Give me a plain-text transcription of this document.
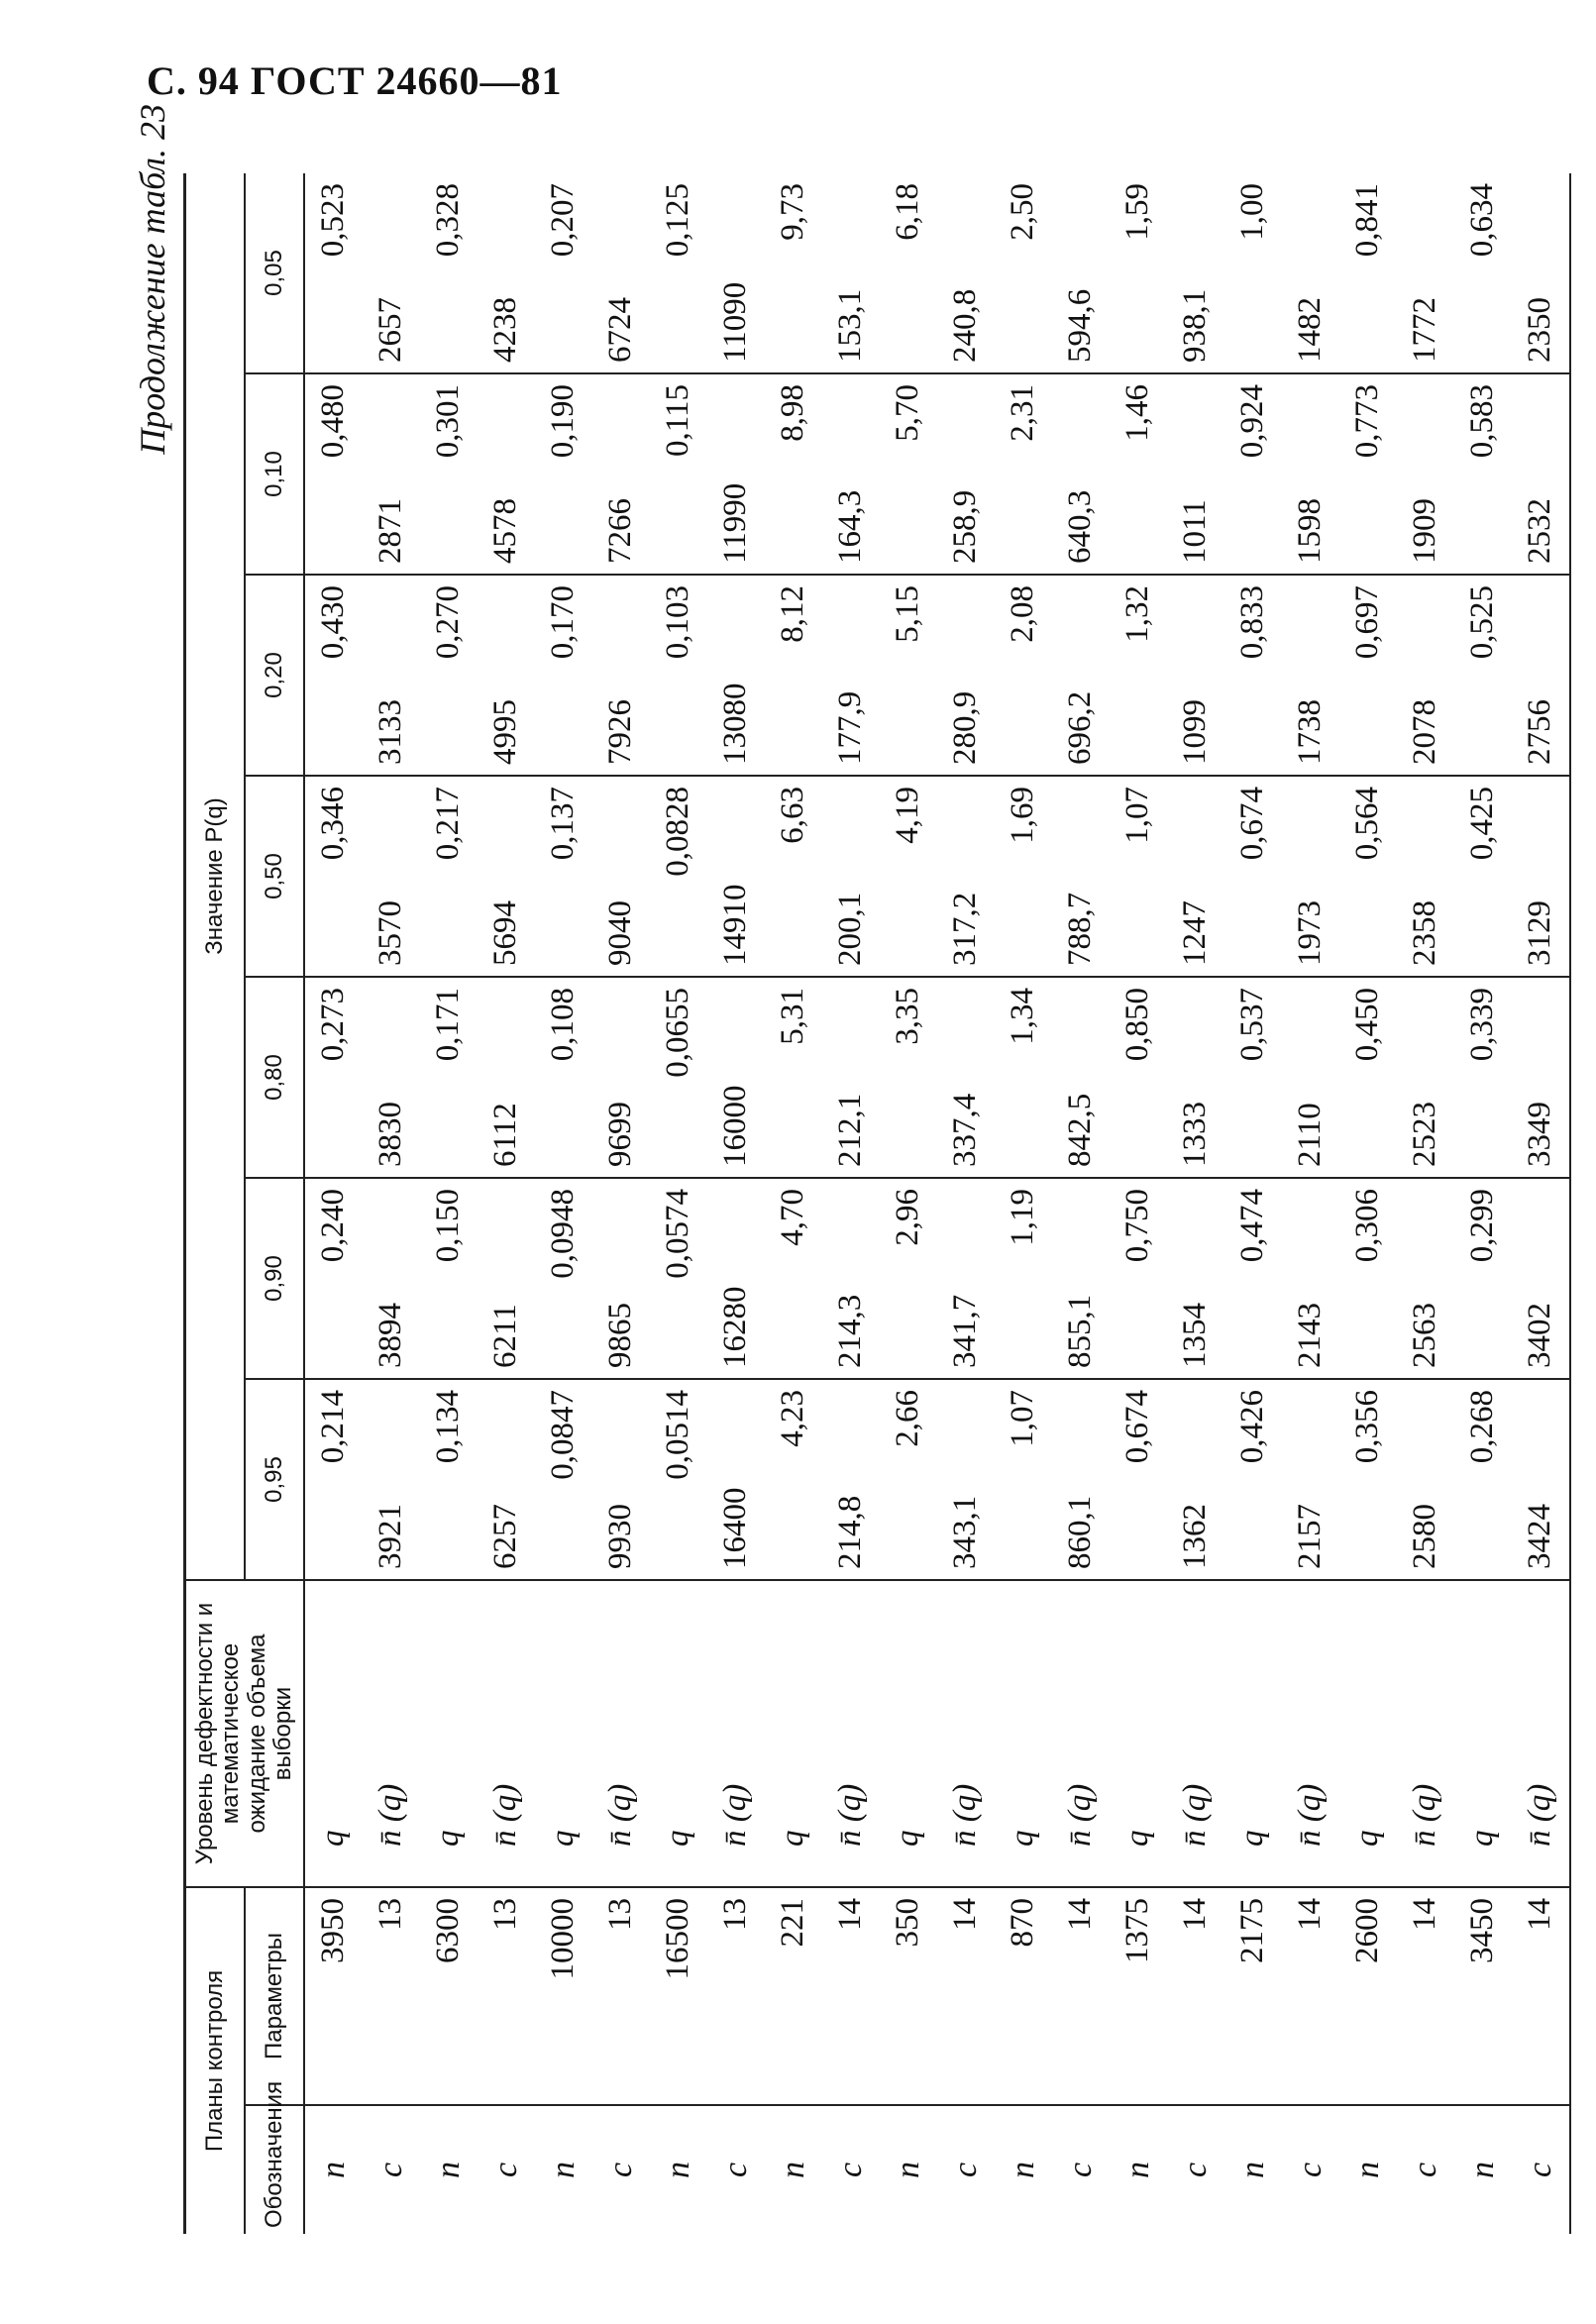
С. 94 ГОСТ 24660—81
Продолжение табл. 23
Планы контроля		Уровень дефектности и математическое ожидание объема выборки	Значение P(q)						
Обозначения	Параметры		0,95	0,90	0,80	0,50	0,20	0,10	0,05
n	3950	q	0,214	0,240	0,273	0,346	0,430	0,480	0,523
c	13	n̄ (q)	3921	3894	3830	3570	3133	2871	2657
n	6300	q	0,134	0,150	0,171	0,217	0,270	0,301	0,328
c	13	n̄ (q)	6257	6211	6112	5694	4995	4578	4238
n	10000	q	0,0847	0,0948	0,108	0,137	0,170	0,190	0,207
c	13	n̄ (q)	9930	9865	9699	9040	7926	7266	6724
n	16500	q	0,0514	0,0574	0,0655	0,0828	0,103	0,115	0,125
c	13	n̄ (q)	16400	16280	16000	14910	13080	11990	11090
n	221	q	4,23	4,70	5,31	6,63	8,12	8,98	9,73
c	14	n̄ (q)	214,8	214,3	212,1	200,1	177,9	164,3	153,1
n	350	q	2,66	2,96	3,35	4,19	5,15	5,70	6,18
c	14	n̄ (q)	343,1	341,7	337,4	317,2	280,9	258,9	240,8
n	870	q	1,07	1,19	1,34	1,69	2,08	2,31	2,50
c	14	n̄ (q)	860,1	855,1	842,5	788,7	696,2	640,3	594,6
n	1375	q	0,674	0,750	0,850	1,07	1,32	1,46	1,59
c	14	n̄ (q)	1362	1354	1333	1247	1099	1011	938,1
n	2175	q	0,426	0,474	0,537	0,674	0,833	0,924	1,00
c	14	n̄ (q)	2157	2143	2110	1973	1738	1598	1482
n	2600	q	0,356	0,306	0,450	0,564	0,697	0,773	0,841
c	14	n̄ (q)	2580	2563	2523	2358	2078	1909	1772
n	3450	q	0,268	0,299	0,339	0,425	0,525	0,583	0,634
c	14	n̄ (q)	3424	3402	3349	3129	2756	2532	2350
